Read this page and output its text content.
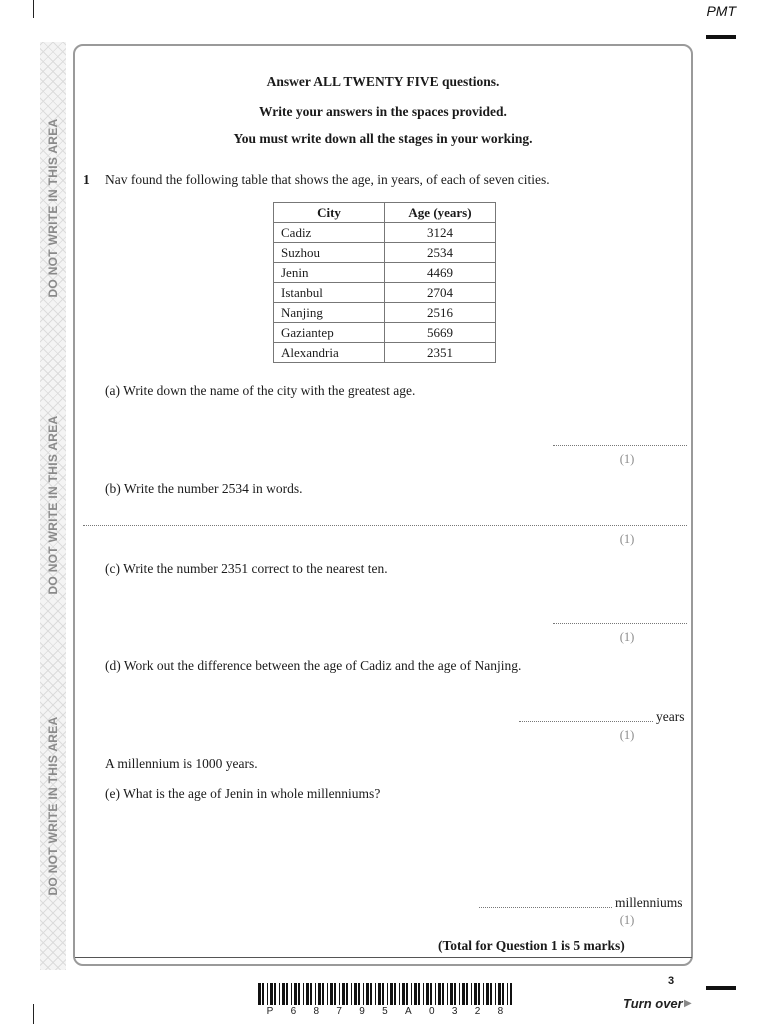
PMT
DO NOT WRITE IN THIS AREA
DO NOT WRITE IN THIS AREA
DO NOT WRITE IN THIS AREA
Answer ALL TWENTY FIVE questions.
Write your answers in the spaces provided.
You must write down all the stages in your working.
1 Nav found the following table that shows the age, in years, of each of seven cities.
City	Age (years)
Cadiz	3124
Suzhou	2534
Jenin	4469
Istanbul	2704
Nanjing	2516
Gaziantep	5669
Alexandria	2351
(a) Write down the name of the city with the greatest age.
(1)
(b) Write the number 2534 in words.
(1)
(c) Write the number 2351 correct to the nearest ten.
(1)
(d) Work out the difference between the age of Cadiz and the age of Nanjing.
years
(1)
A millennium is 1000 years.
(e) What is the age of Jenin in whole millenniums?
millenniums
(1)
(Total for Question 1 is 5 marks)
3
P 6 8 7 9 5 A 0 3 2 8
Turn over ▶
